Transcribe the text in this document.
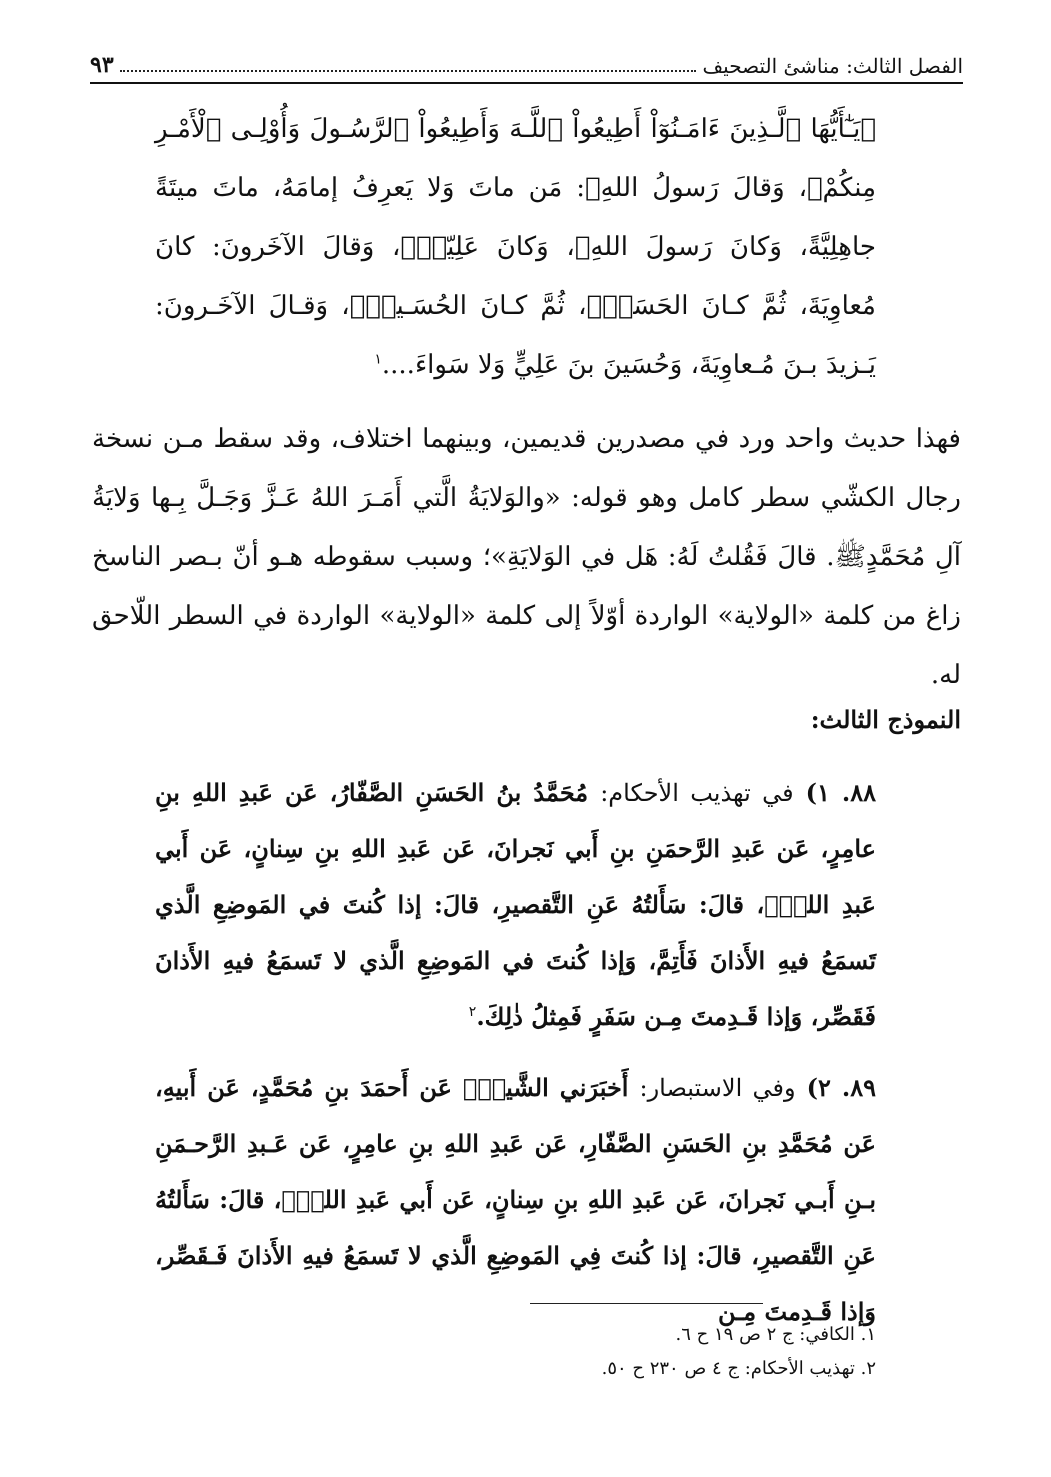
الفصل الثالث: مناشئ التصحيف
٩٣
﴿يَـٰٓأَيُّهَا ٱلَّـذِينَ ءَامَـنُوٓاْ أَطِيعُواْ ٱللَّـهَ وَأَطِيعُواْ ٱلرَّسُـولَ وَأُوْلِـى ٱلْأَمْـرِ مِنكُمْ﴾، وَقالَ رَسولُ اللهِﷺ: مَن ماتَ وَلا يَعرِفُ إمامَهُ، ماتَ ميتَةً جاهِلِيَّةً، وَكانَ رَسولَ اللهِﷺ، وَكانَ عَلِيّاًؑ، وَقالَ الآخَرونَ: كانَ مُعاوِيَةَ، ثُمَّ كـانَ الحَسَنَؑ، ثُمَّ كـانَ الحُسَـينَؑ، وَقـالَ الآخَـرونَ: يَـزيدَ بـنَ مُـعاوِيَةَ، وَحُسَينَ بنَ عَلِيٍّ وَلا سَواءَ....$^١$
فهذا حديث واحد ورد في مصدرين قديمين، وبينهما اختلاف، وقد سقط مـن نسخة رجال الكشّي سطر كامل وهو قوله: «والوَلايَةُ الَّتي أَمَـرَ اللهُ عَـزَّ وَجَـلَّ بِـها وَلايَةُ آلِ مُحَمَّدٍﷺ. قالَ فَقُلتُ لَهُ: هَل في الوَلايَةِ»؛ وسبب سقوطه هـو أنّ بـصر الناسخ زاغ من كلمة «الولاية» الواردة أوّلاً إلى كلمة «الولاية» الواردة في السطر اللّاحق له.
النموذج الثالث:
٨٨. ١) في تهذيب الأحكام: مُحَمَّدُ بنُ الحَسَنِ الصَّفّارُ، عَن عَبدِ اللهِ بنِ عامِرٍ، عَن عَبدِ الرَّحمَنِ بنِ أَبي نَجرانَ، عَن عَبدِ اللهِ بنِ سِنانٍ، عَن أَبي عَبدِ اللهِؑ، قالَ: سَأَلتُهُ عَنِ التَّقصيرِ، قالَ: إذا كُنتَ في المَوضِعِ الَّذي تَسمَعُ فيهِ الأَذانَ فَأَتِمَّ، وَإذا كُنتَ في المَوضِعِ الَّذي لا تَسمَعُ فيهِ الأَذانَ فَقَصِّر، وَإذا قَـدِمتَ مِـن سَفَرٍ فَمِثلُ ذٰلِكَ.$^٢$
٨٩. ٢) وفي الاستبصار: أَخبَرَني الشَّيخُؒ عَن أَحمَدَ بنِ مُحَمَّدٍ، عَن أَبيهِ، عَن مُحَمَّدِ بنِ الحَسَنِ الصَّفّارِ، عَن عَبدِ اللهِ بنِ عامِرٍ، عَن عَـبدِ الرَّحـمَنِ بـنِ أَبـي نَجرانَ، عَن عَبدِ اللهِ بنِ سِنانٍ، عَن أَبي عَبدِ اللهِؑ، قالَ: سَأَلتُهُ عَنِ التَّقصيرِ، قالَ: إذا كُنتَ فِي المَوضِعِ الَّذي لا تَسمَعُ فيهِ الأَذانَ فَـقَصِّر، وَإذا قَـدِمتَ مِـن
١. الكافي: ج ٢ ص ١٩ ح ٦.
٢. تهذيب الأحكام: ج ٤ ص ٢٣٠ ح ٥٠.
